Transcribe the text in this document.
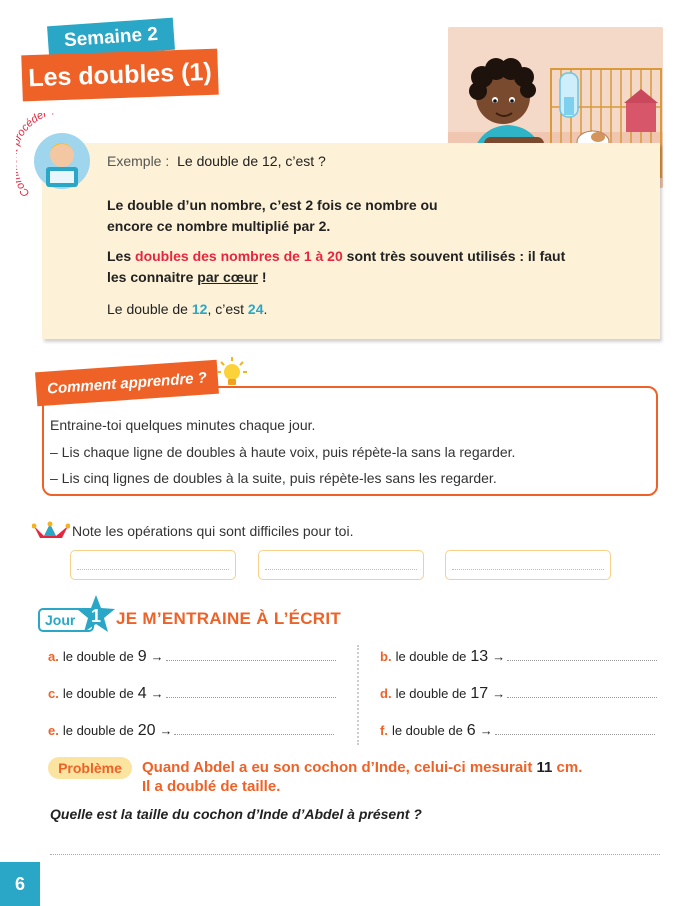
Semaine 2
Les doubles (1)
C océder
Exemple : Le double de 12, c’est ?
Le double d’un nombre, c’est 2 fois ce nombre ou encore ce nombre multiplié par 2.
Les doubles des nombres de 1 à 20 sont très souvent utilisés : il faut les connaitre par cœur !
Le double de 12, c’est 24.
Comment apprendre ?
Entraine-toi quelques minutes chaque jour.
– Lis chaque ligne de doubles à haute voix, puis répète-la sans la regarder.
– Lis cinq lignes de doubles à la suite, puis répète-les sans les regarder.
Note les opérations qui sont difficiles pour toi.
Jour 1 JE M’ENTRAINE À L’ÉCRIT
a. le double de 9 →	b. le double de 13 →
c. le double de 4 →	d. le double de 17 →
e. le double de 20 →	f. le double de 6 →
Problème Quand Abdel a eu son cochon d’Inde, celui-ci mesurait 11 cm.
Il a doublé de taille.
Quelle est la taille du cochon d’Inde d’Abdel à présent ?
6
